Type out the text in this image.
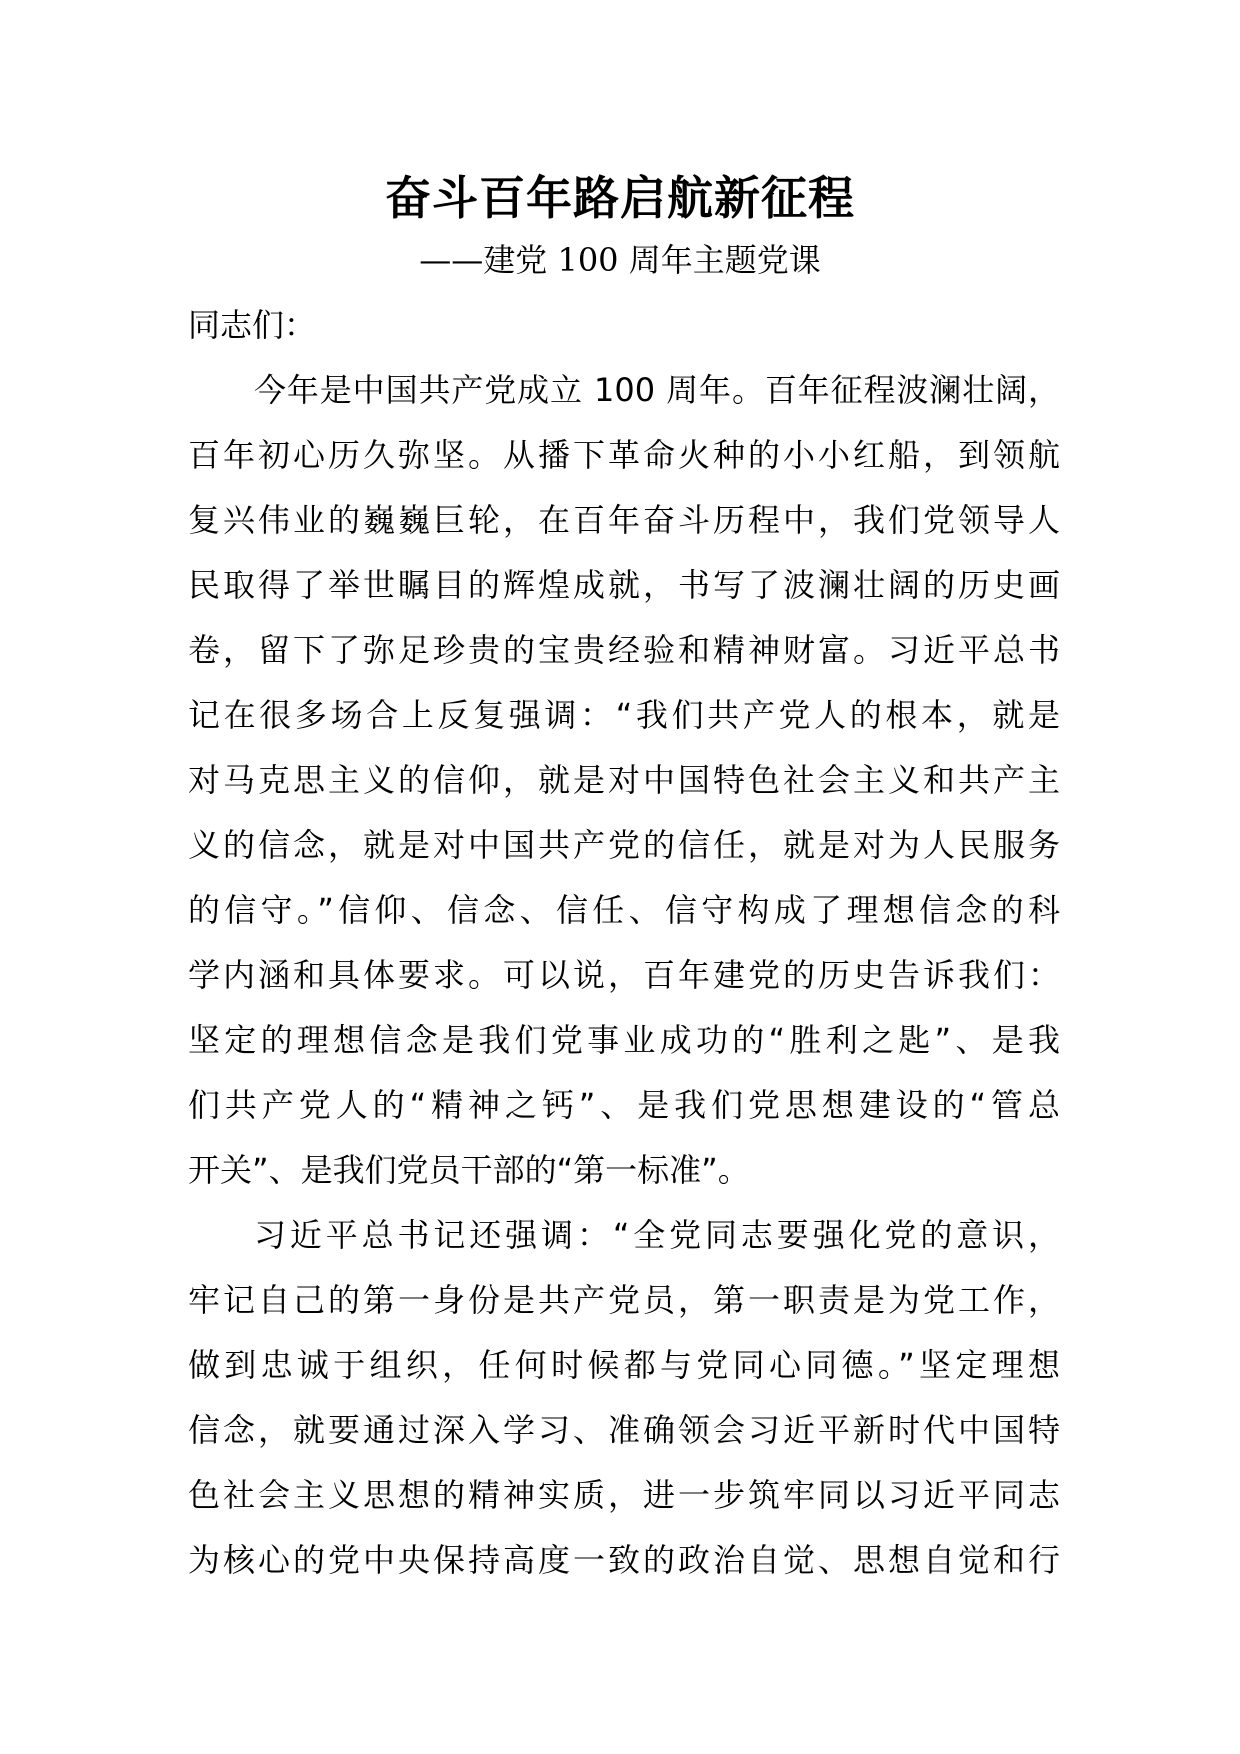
奋斗百年路启航新征程
——建党 100 周年主题党课
同志们：
今年是中国共产党成立 100 周年。百年征程波澜壮阔，
百年初心历久弥坚。从播下革命火种的小小红船，到领航
复兴伟业的巍巍巨轮，在百年奋斗历程中，我们党领导人
民取得了举世瞩目的辉煌成就，书写了波澜壮阔的历史画
卷，留下了弥足珍贵的宝贵经验和精神财富。习近平总书
记在很多场合上反复强调：“我们共产党人的根本，就是
对马克思主义的信仰，就是对中国特色社会主义和共产主
义的信念，就是对中国共产党的信任，就是对为人民服务
的信守。”信仰、信念、信任、信守构成了理想信念的科
学内涵和具体要求。可以说，百年建党的历史告诉我们：
坚定的理想信念是我们党事业成功的“胜利之匙”、是我
们共产党人的“精神之钙”、是我们党思想建设的“管总
开关”、是我们党员干部的“第一标准”。
习近平总书记还强调：“全党同志要强化党的意识，
牢记自己的第一身份是共产党员，第一职责是为党工作，
做到忠诚于组织，任何时候都与党同心同德。”坚定理想
信念，就要通过深入学习、准确领会习近平新时代中国特
色社会主义思想的精神实质，进一步筑牢同以习近平同志
为核心的党中央保持高度一致的政治自觉、思想自觉和行
